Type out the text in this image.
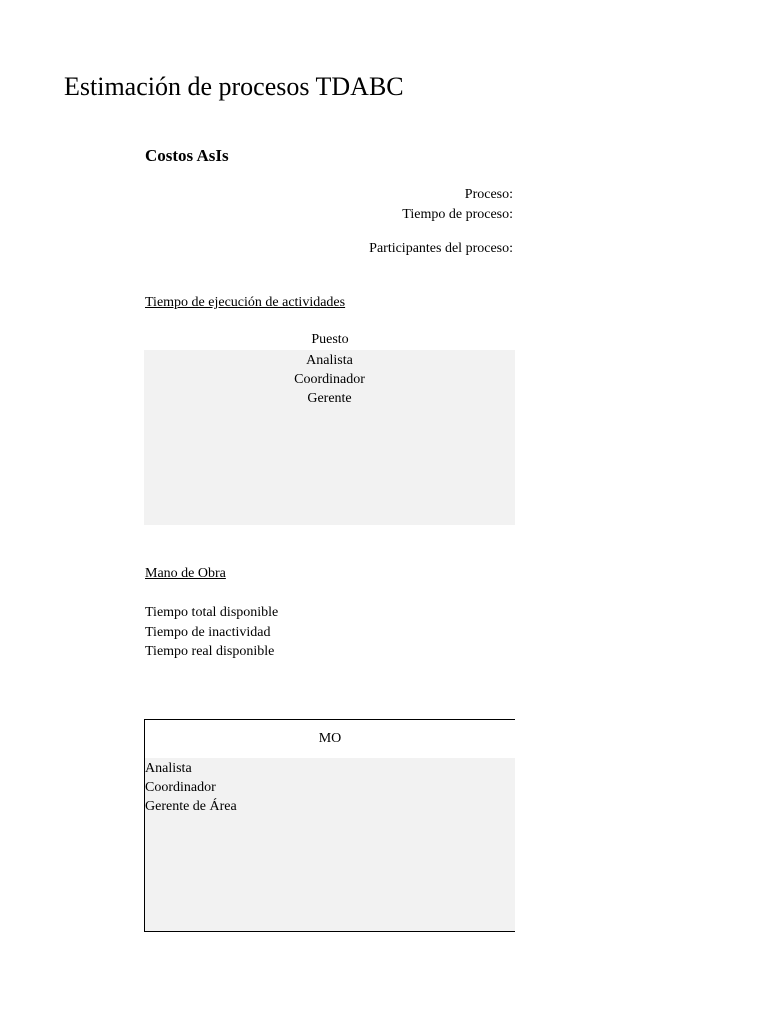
Estimación de procesos TDABC
Costos AsIs
Proceso:
Tiempo de proceso:
Participantes del proceso:
Tiempo de ejecución de actividades
Puesto
Analista
Coordinador
Gerente
Mano de Obra
Tiempo total disponible
Tiempo de inactividad
Tiempo real disponible
MO
Analista
Coordinador
Gerente de Área
